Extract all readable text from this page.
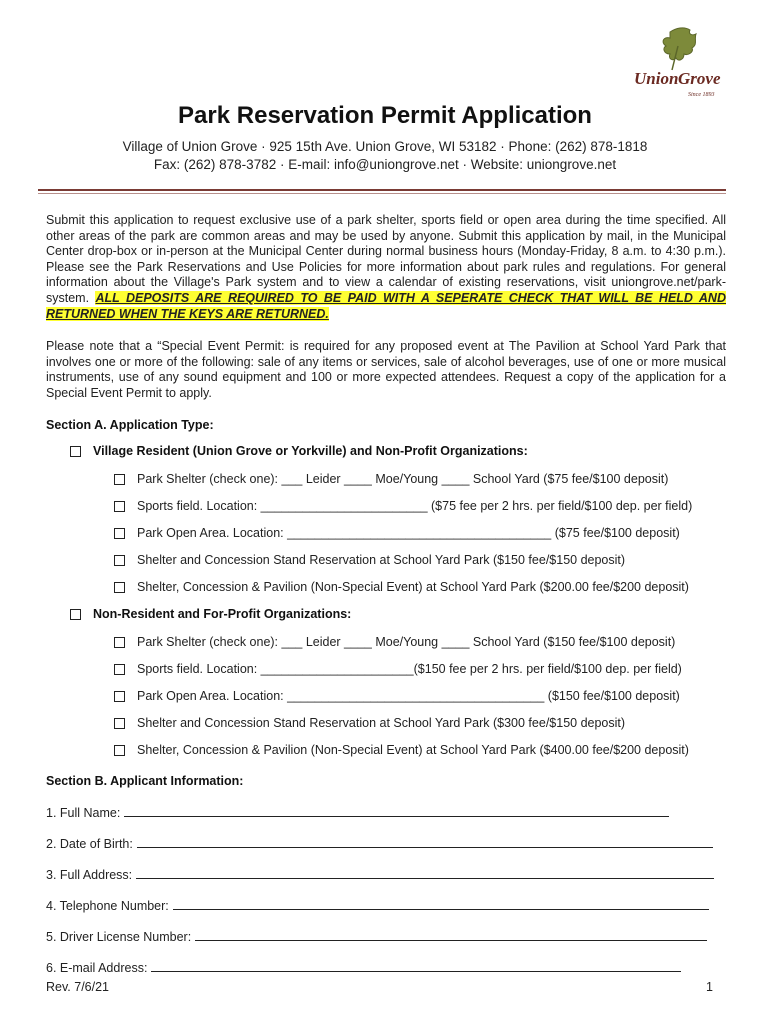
Union Grove
Since 1893
Park Reservation Permit Application
Village of Union Grove · 925 15th Ave. Union Grove, WI 53182 · Phone: (262) 878-1818
Fax: (262) 878-3782 · E-mail: info@uniongrove.net · Website: uniongrove.net
Submit this application to request exclusive use of a park shelter, sports field or open area during the time specified. All other areas of the park are common areas and may be used by anyone. Submit this application by mail, in the Municipal Center drop-box or in-person at the Municipal Center during normal business hours (Monday-Friday, 8 a.m. to 4:30 p.m.). Please see the Park Reservations and Use Policies for more information about park rules and regulations. For general information about the Village's Park system and to view a calendar of existing reservations, visit uniongrove.net/park-system. ALL DEPOSITS ARE REQUIRED TO BE PAID WITH A SEPERATE CHECK THAT WILL BE HELD AND RETURNED WHEN THE KEYS ARE RETURNED.
Please note that a “Special Event Permit: is required for any proposed event at The Pavilion at School Yard Park that involves one or more of the following: sale of any items or services, sale of alcohol beverages, use of one or more musical instruments, use of any sound equipment and 100 or more expected attendees. Request a copy of the application for a Special Event Permit to apply.
Section A. Application Type:
Village Resident (Union Grove or Yorkville) and Non-Profit Organizations:
Park Shelter (check one): ___ Leider ____ Moe/Young ____ School Yard ($75 fee/$100 deposit)
Sports field. Location: ________________________ ($75 fee per 2 hrs. per field/$100 dep. per field)
Park Open Area. Location: ______________________________________ ($75 fee/$100 deposit)
Shelter and Concession Stand Reservation at School Yard Park ($150 fee/$150 deposit)
Shelter, Concession & Pavilion (Non-Special Event) at School Yard Park ($200.00 fee/$200 deposit)
Non-Resident and For-Profit Organizations:
Park Shelter (check one): ___ Leider ____ Moe/Young ____ School Yard ($150 fee/$100 deposit)
Sports field. Location: ______________________($150 fee per 2 hrs. per field/$100 dep. per field)
Park Open Area. Location: _____________________________________ ($150 fee/$100 deposit)
Shelter and Concession Stand Reservation at School Yard Park ($300 fee/$150 deposit)
Shelter, Concession & Pavilion (Non-Special Event) at School Yard Park ($400.00 fee/$200 deposit)
Section B. Applicant Information:
1. Full Name:
2. Date of Birth:
3. Full Address:
4. Telephone Number:
5. Driver License Number:
6. E-mail Address:
Rev. 7/6/21	1
